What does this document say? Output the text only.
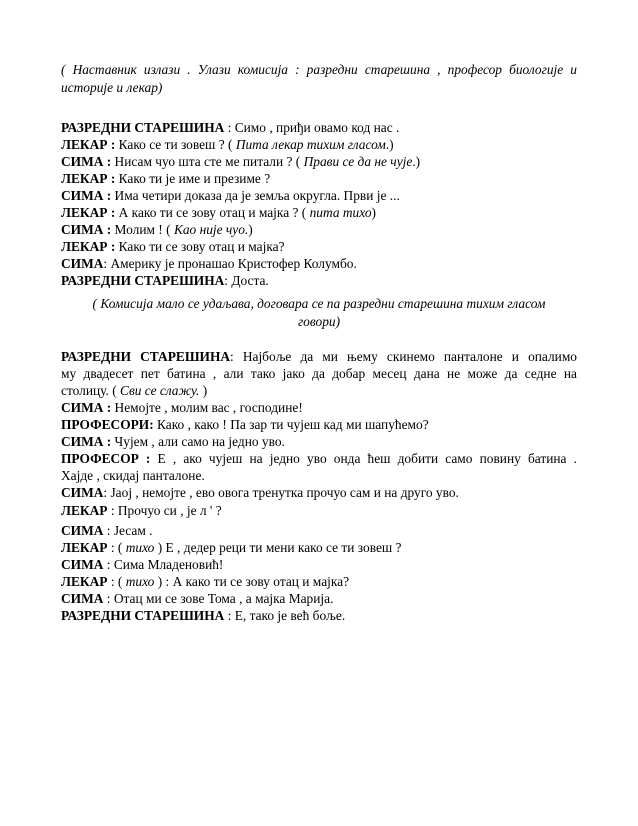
( Наставник излази . Улази комисија : разредни старешина , професор биологије и
историје и лекар)
РАЗРЕДНИ СТАРЕШИНА : Симо , приђи овамо код нас .
ЛЕКАР : Како се ти зовеш ? ( Пита лекар тихим гласом.)
СИМА : Нисам чуо шта сте ме питали ? ( Прави се да не чује.)
ЛЕКАР : Како ти је име и презиме ?
СИМА : Има четири доказа да је земља округла. Први је ...
ЛЕКАР : А како ти се зову отац и мајка ? ( пита тихо)
СИМА : Молим ! ( Као није чуо.)
ЛЕКАР : Како ти се зову отац и мајка?
СИМА: Америку је пронашао Кристофер Колумбо.
РАЗРЕДНИ СТАРЕШИНА: Доста.
( Комисија мало се удаљава, договара се па разредни старешина тихим гласом
говори)
РАЗРЕДНИ СТАРЕШИНА: Најбоље да ми њему скинемо панталоне и опалимо
му двадесет пет батина , али тако јако да добар месец дана не може да седне на
столицу. ( Сви се слажу. )
СИМА : Немојте , молим вас , господине!
ПРОФЕСОРИ: Како , како ! Па зар ти чујеш кад ми шапућемо?
СИМА : Чујем , али само на једно уво.
ПРОФЕСОР : Е , ако чујеш на једно уво онда ћеш добити само повину батина .
Хајде , скидај панталоне.
СИМА: Јаој , немојте , ево овога тренутка прочуо сам и на друго уво.
ЛЕКАР : Прочуо си , је л ' ?
СИМА : Јесам .
ЛЕКАР : ( тихо ) Е , дедер реци ти мени како се ти зовеш ?
СИМА : Сима Младеновић!
ЛЕКАР : ( тихо ) : А како ти се зову отац и мајка?
СИМА : Отац ми се зове Тома , а мајка Марија.
РАЗРЕДНИ СТАРЕШИНА : Е, тако је већ боље.
